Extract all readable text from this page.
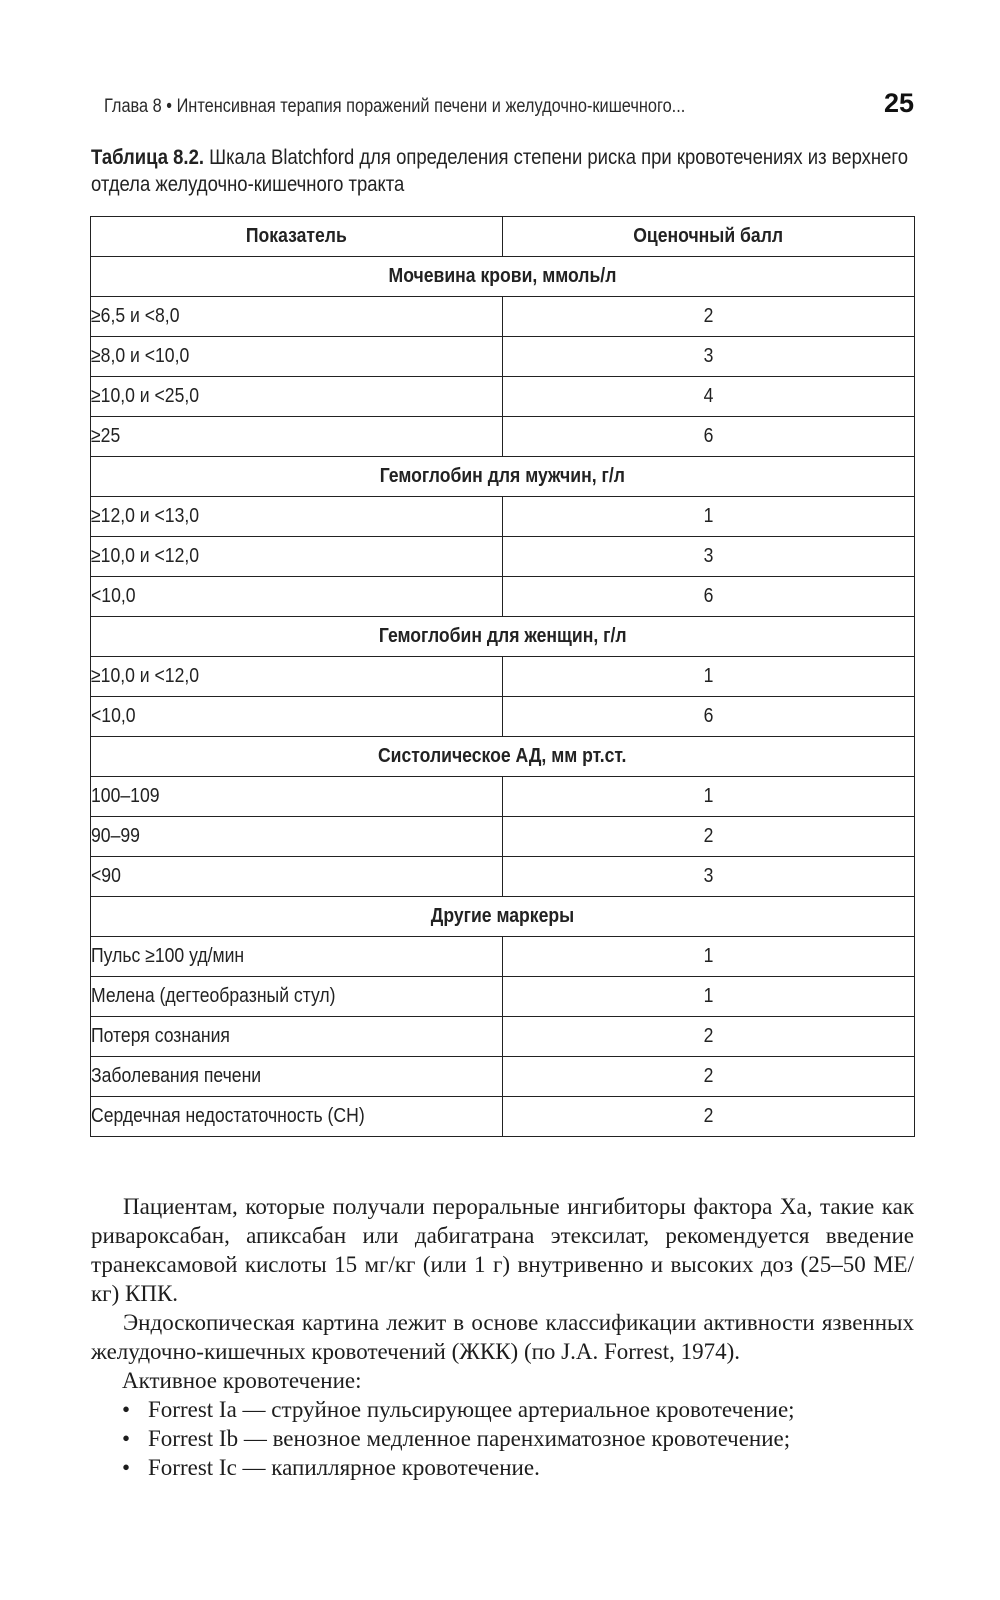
Глава 8 • Интенсивная терапия поражений печени и желудочно-кишечного...	25
Таблица 8.2. Шкала Blatchford для определения степени риска при кровотечениях из верхнего отдела желудочно-кишечного тракта
Показатель	Оценочный балл
Мочевина крови, ммоль/л	
≥6,5 и <8,0	2
≥8,0 и <10,0	3
≥10,0 и <25,0	4
≥25	6
Гемоглобин для мужчин, г/л	
≥12,0 и <13,0	1
≥10,0 и <12,0	3
<10,0	6
Гемоглобин для женщин, г/л	
≥10,0 и <12,0	1
<10,0	6
Систолическое АД, мм рт.ст.	
100–109	1
90–99	2
<90	3
Другие маркеры	
Пульс ≥100 уд/мин	1
Мелена (дегтеобразный стул)	1
Потеря сознания	2
Заболевания печени	2
Сердечная недостаточность (СН)	2

Пациентам, которые получали пероральные ингибиторы фактора Ха, такие как ривароксабан, апиксабан или дабигатрана этексилат, рекомендуется введение транексамовой кислоты 15 мг/кг (или 1 г) внутривенно и высоких доз (25–50 МЕ/кг) КПК.

Эндоскопическая картина лежит в основе классификации активности язвенных желудочно-кишечных кровотечений (ЖКК) (по J.A. Forrest, 1974).

Активное кровотечение:

• Forrest Ia — струйное пульсирующее артериальное кровотечение;
• Forrest Ib — венозное медленное паренхиматозное кровотечение;
• Forrest Ic — капиллярное кровотечение.
